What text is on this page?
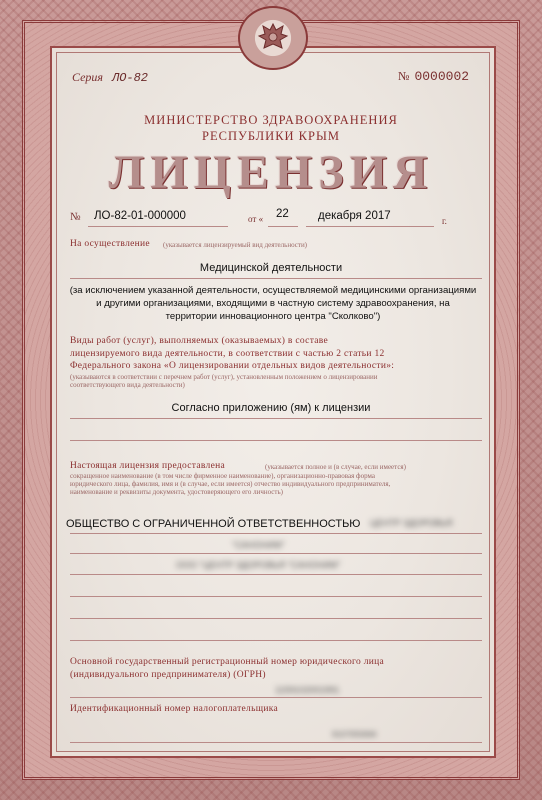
Серия ЛО-82	№ 0000002
МИНИСТЕРСТВО ЗДРАВООХРАНЕНИЯ
РЕСПУБЛИКИ КРЫМ
ЛИЦЕНЗИЯ
№ ЛО-82-01-000000	от « 22	декабря 2017	г.
На осуществление (указывается лицензируемый вид деятельности)
Медицинской деятельности
(за исключением указанной деятельности, осуществляемой медицинскими организациями
и другими организациями, входящими в частную систему здравоохранения, на
территории инновационного центра "Сколково")
Виды работ (услуг), выполняемых (оказываемых) в составе
лицензируемого вида деятельности, в соответствии с частью 2 статьи 12
Федерального закона «О лицензировании отдельных видов деятельности»:
(указываются в соответствии с перечнем работ (услуг), установленным положением о лицензировании
соответствующего вида деятельности)
Согласно приложению (ям) к лицензии
Настоящая лицензия предоставлена	(указывается полное и (в случае, если имеется)
сокращенное наименование (в том числе фирменное наименование), организационно-правовая форма
юридического лица, фамилия, имя и (в случае, если имеется) отчество индивидуального предпринимателя,
наименование и реквизиты документа, удостоверяющего его личность)
ОБЩЕСТВО С ОГРАНИЧЕННОЙ ОТВЕТСТВЕННОСТЬЮ ЦЕНТР ЗДОРОВЬЯ
"САНОНИМ"
ООО "ЦЕНТР ЗДОРОВЬЯ "САНОНИМ"
Основной государственный регистрационный номер юридического лица
(индивидуального предпринимателя) (ОГРН)
1159102001991
Идентификационный номер налогоплательщика
9107055694
